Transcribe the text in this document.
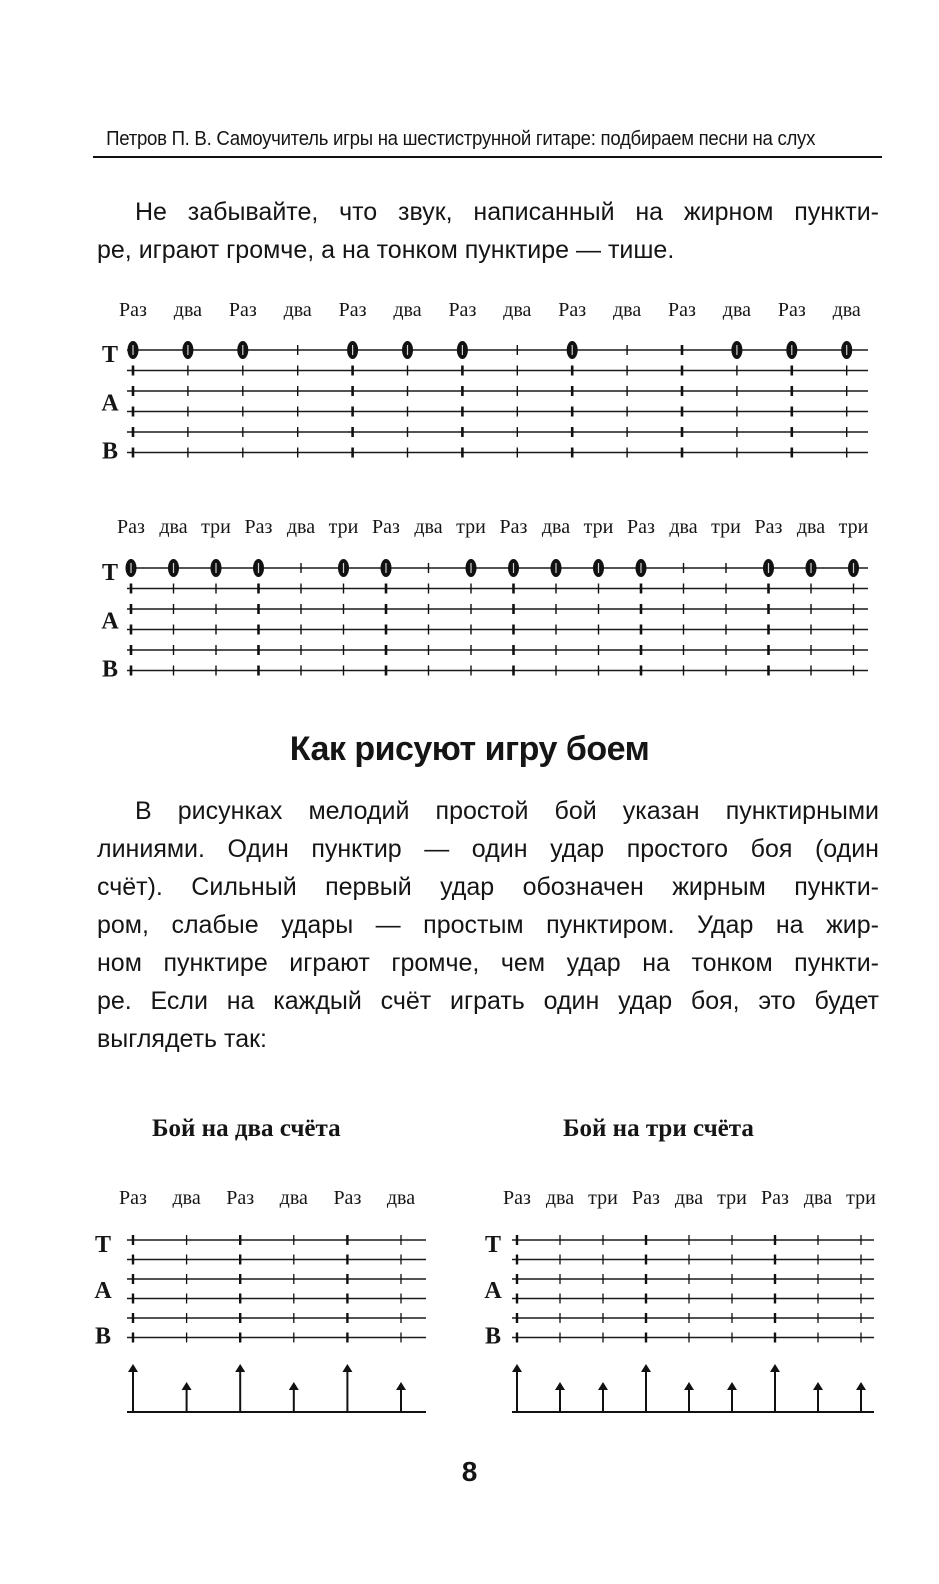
Петров П. В. Самоучитель игры на шестиструнной гитаре: подбираем песни на слух
Не забывайте, что звук, написанный на жирном пункти-
ре, играют громче, а на тонком пунктире — тише.
Как рисуют игру боем
В рисунках мелодий простой бой указан пунктирными
линиями. Один пунктир — один удар простого боя (один
счёт). Сильный первый удар обозначен жирным пункти-
ром, слабые удары — простым пунктиром. Удар на жир-
ном пунктире играют громче, чем удар на тонком пункти-
ре. Если на каждый счёт играть один удар боя, это будет
выглядеть так:
Бой на два счёта	Бой на три счёта
8
T
A
B
Раз два Раз два Раз два Раз два Раз два Раз два Раз два
T
A
B
Раз два три Раз два три Раз два три Раз два три Раз два три Раз два три
T
A
B
Раз два Раз два Раз два
T
A
B
Раз два три Раз два три Раз два три
